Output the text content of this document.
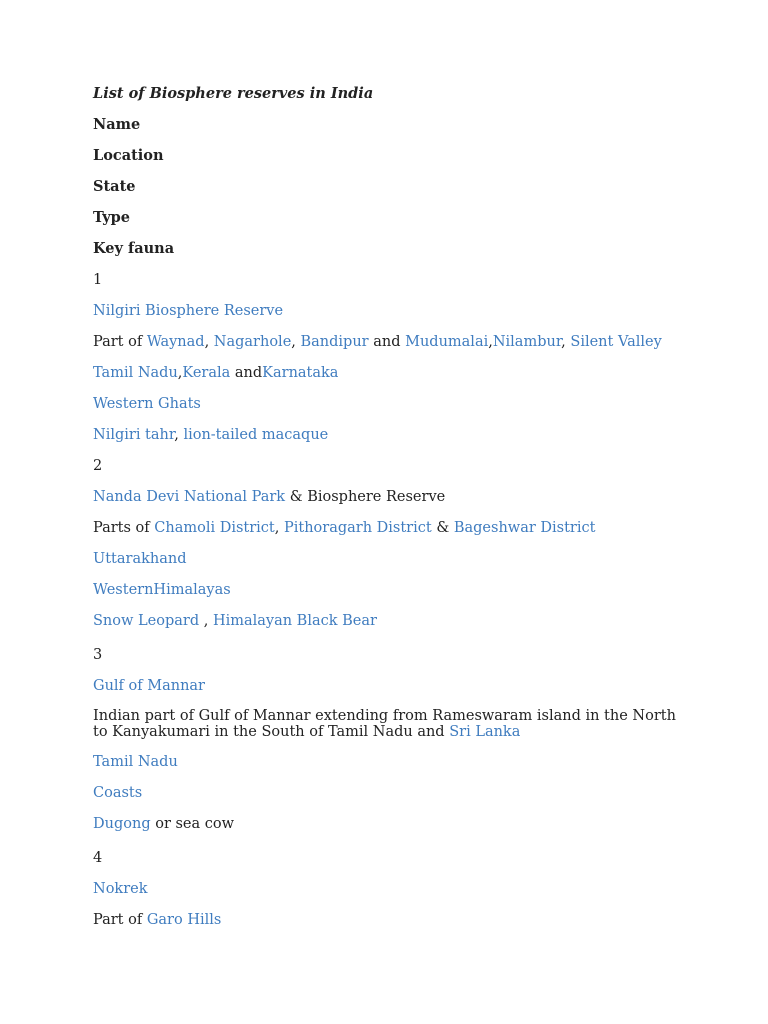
List of Biosphere reserves in India
Name
Location
State
Type
Key fauna
1
Nilgiri Biosphere Reserve
Part of Waynad, Nagarhole, Bandipur and Mudumalai,Nilambur, Silent Valley
Tamil Nadu,Kerala andKarnataka
Western Ghats
Nilgiri tahr, lion-tailed macaque
2
Nanda Devi National Park & Biosphere Reserve
Parts of Chamoli District, Pithoragarh District & Bageshwar District
Uttarakhand
WesternHimalayas
Snow Leopard , Himalayan Black Bear
3
Gulf of Mannar
Indian part of Gulf of Mannar extending from Rameswaram island in the North to Kanyakumari in the South of Tamil Nadu and Sri Lanka
Tamil Nadu
Coasts
Dugong or sea cow
4
Nokrek
Part of Garo Hills
